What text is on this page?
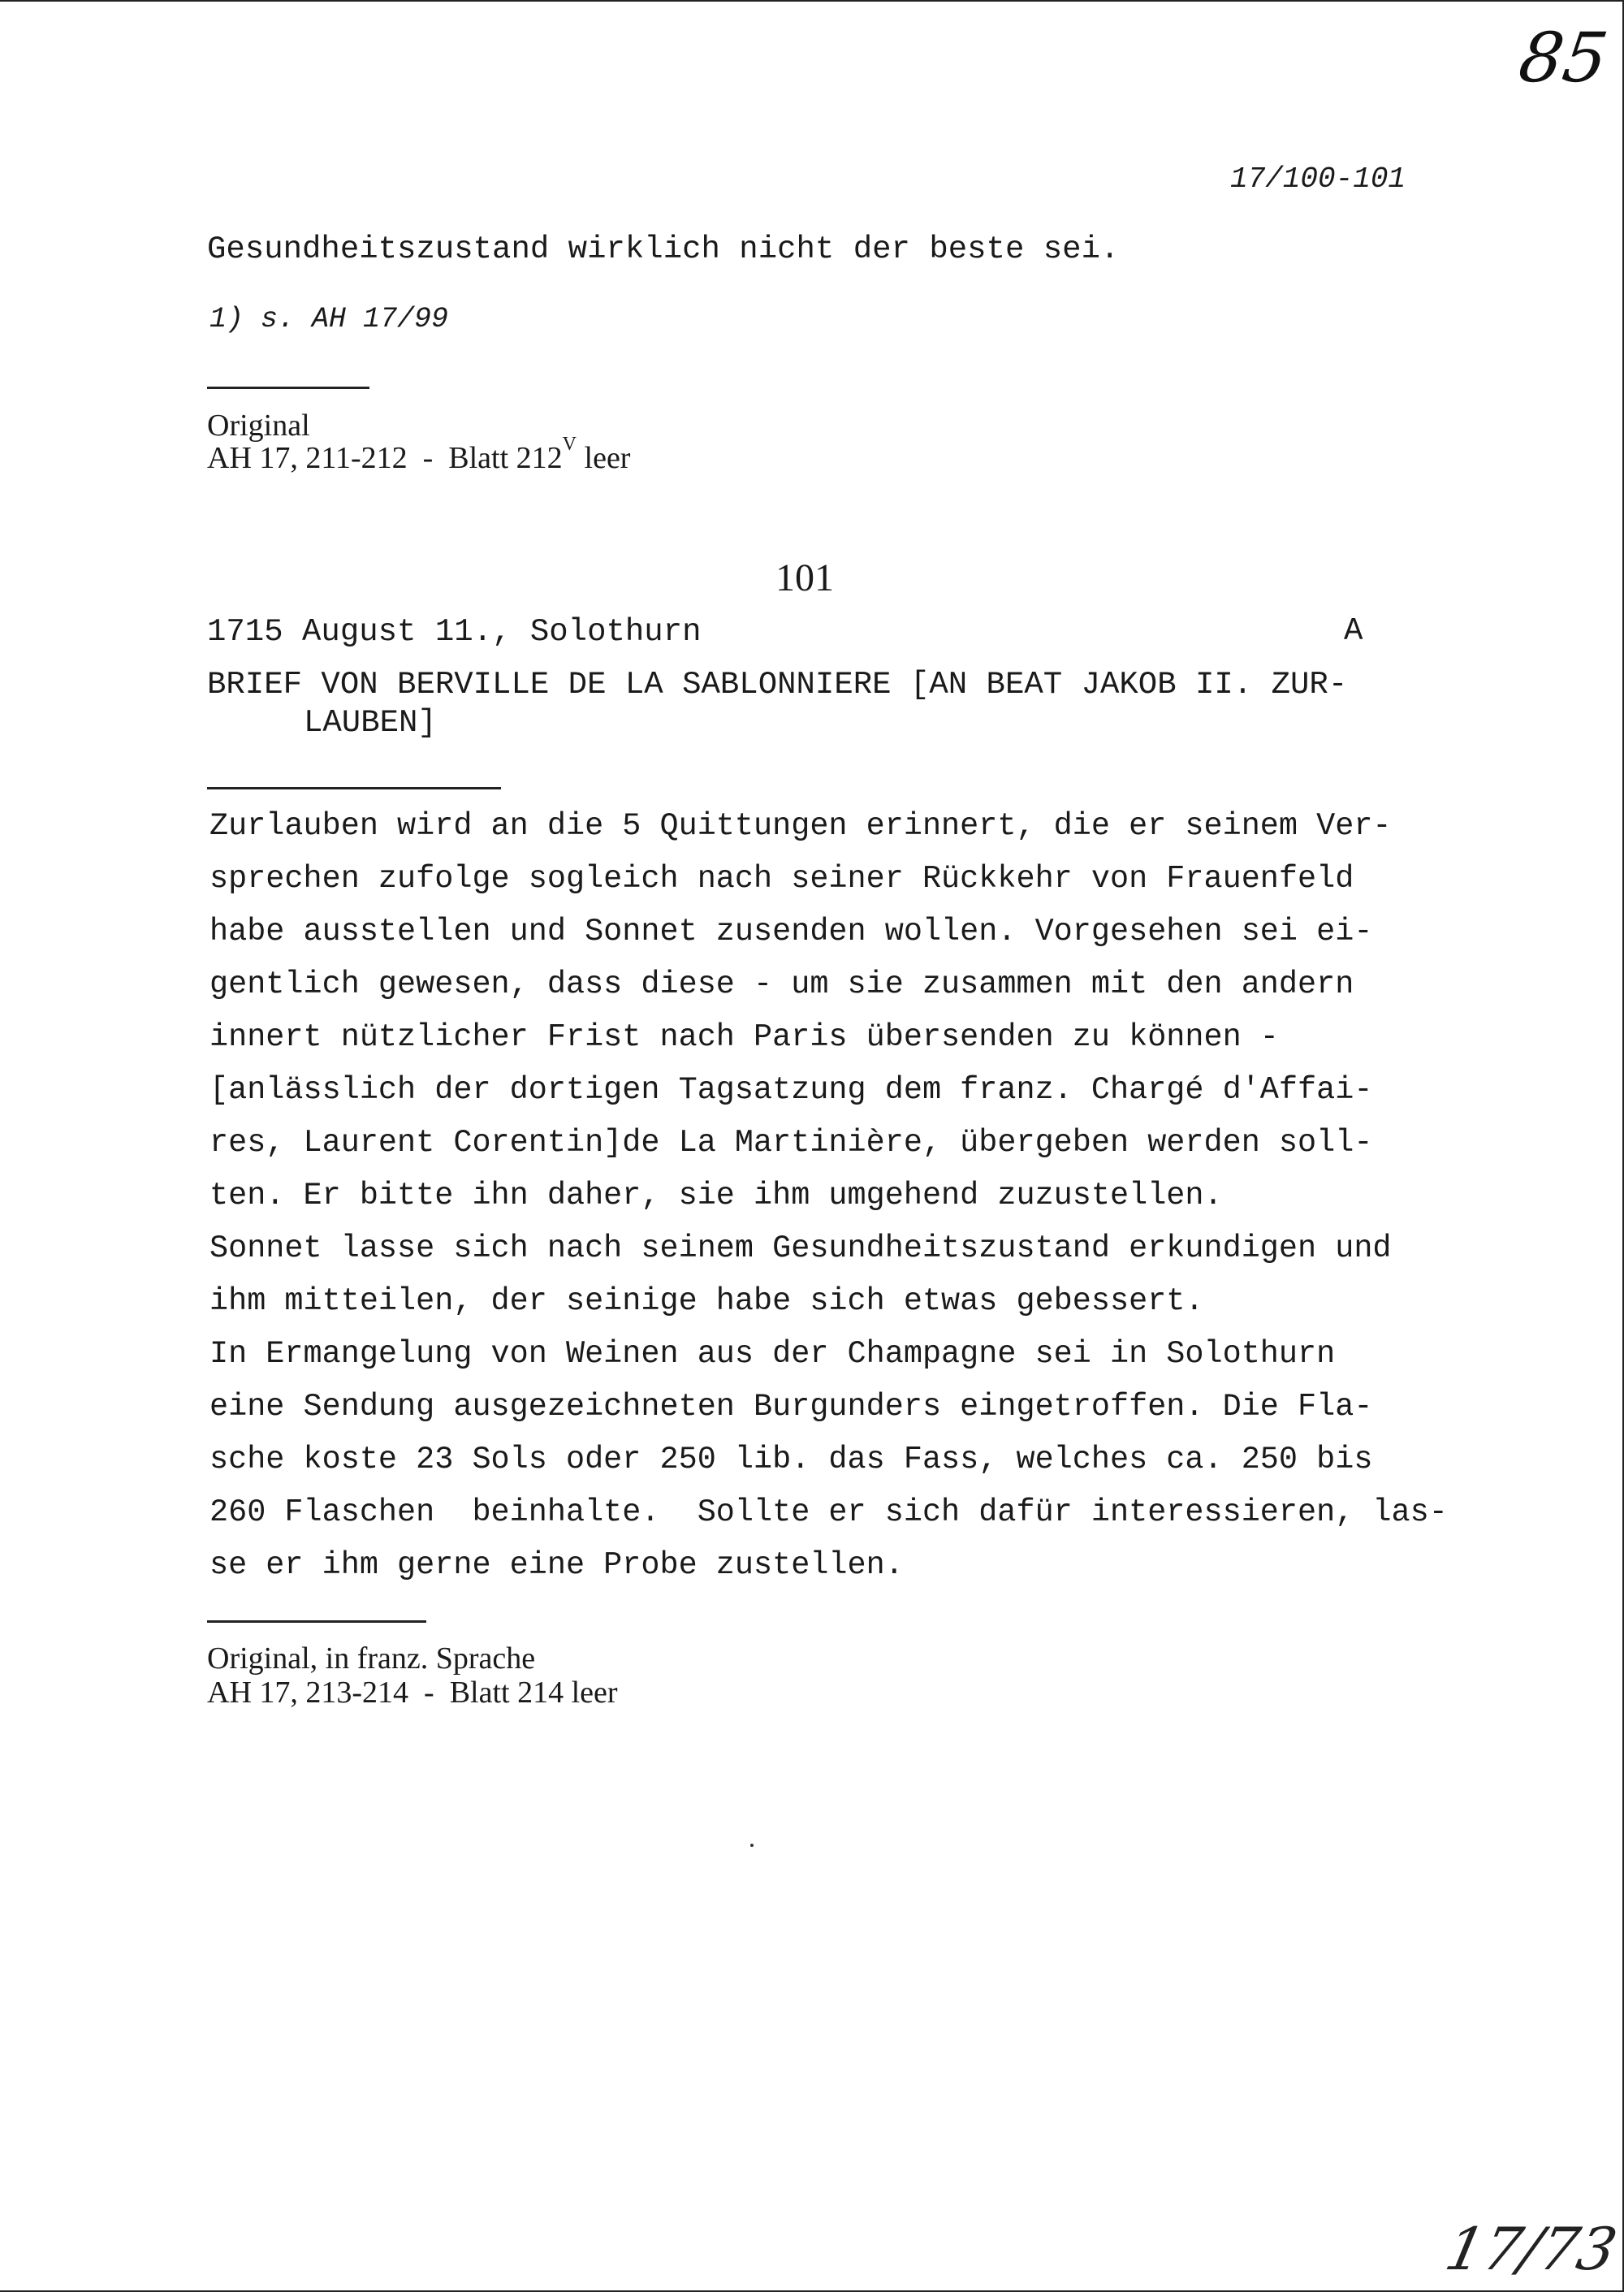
85
17/100-101
Gesundheitszustand wirklich nicht der beste sei.
1) s. AH 17/99
Original
AH 17, 211-212  -  Blatt $212^V$ leer
101
1715 August 11., Solothurn	A
BRIEF VON BERVILLE DE LA SABLONNIERE [AN BEAT JAKOB II. ZUR-
LAUBEN]
Zurlauben wird an die 5 Quittungen erinnert, die er seinem Ver-
sprechen zufolge sogleich nach seiner Rückkehr von Frauenfeld
habe ausstellen und Sonnet zusenden wollen. Vorgesehen sei ei-
gentlich gewesen, dass diese - um sie zusammen mit den andern
innert nützlicher Frist nach Paris übersenden zu können -
[anlässlich der dortigen Tagsatzung dem franz. Chargé d'Affai-
res, Laurent Corentin]de La Martinière, übergeben werden soll-
ten. Er bitte ihn daher, sie ihm umgehend zuzustellen.
Sonnet lasse sich nach seinem Gesundheitszustand erkundigen und
ihm mitteilen, der seinige habe sich etwas gebessert.
In Ermangelung von Weinen aus der Champagne sei in Solothurn
eine Sendung ausgezeichneten Burgunders eingetroffen. Die Fla-
sche koste 23 Sols oder 250 lib. das Fass, welches ca. 250 bis
260 Flaschen  beinhalte.  Sollte er sich dafür interessieren, las-
se er ihm gerne eine Probe zustellen.
Original, in franz. Sprache
AH 17, 213-214  -  Blatt 214 leer
17/73
